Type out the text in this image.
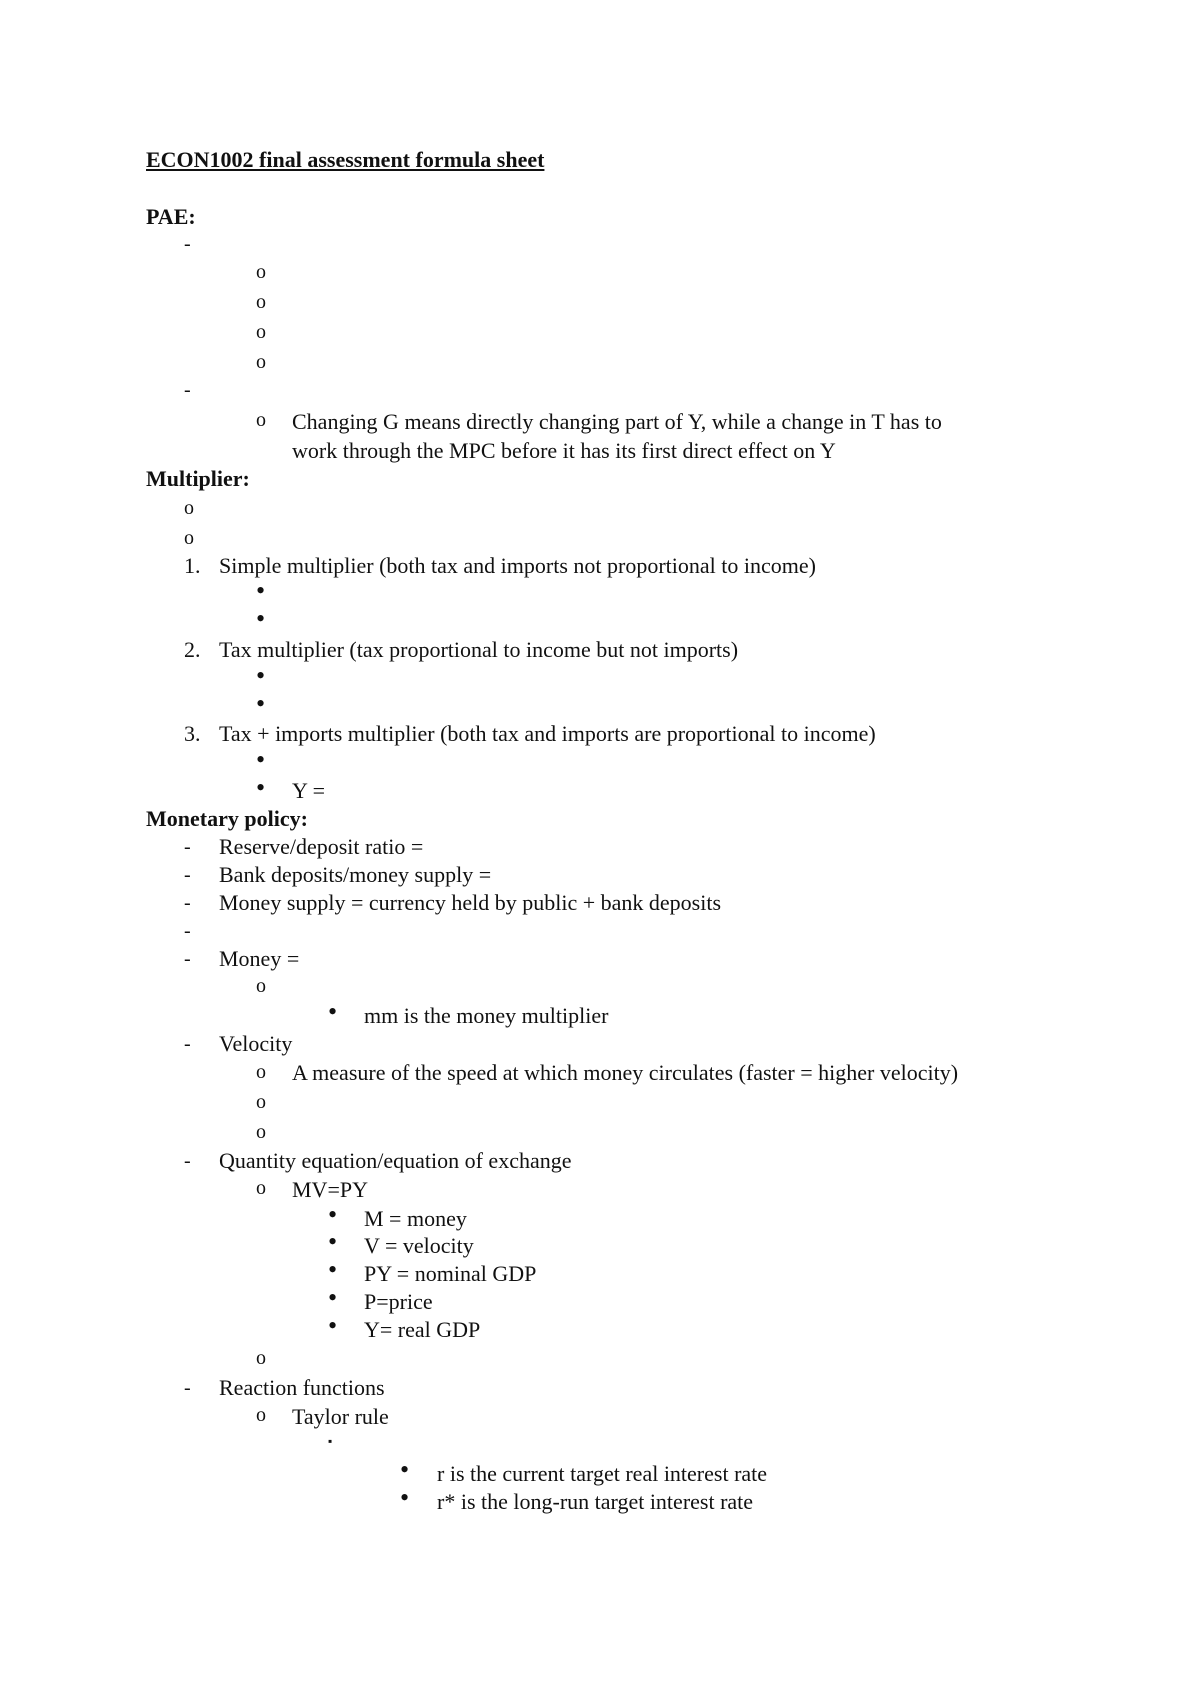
ECON1002 final assessment formula sheet
PAE:
-
o
o
o
o
-
o Changing G means directly changing part of Y, while a change in T has to
work through the MPC before it has its first direct effect on Y
Multiplier:
o
o
1. Simple multiplier (both tax and imports not proportional to income)
•
•
2. Tax multiplier (tax proportional to income but not imports)
•
•
3. Tax + imports multiplier (both tax and imports are proportional to income)
•
• Y =
Monetary policy:
- Reserve/deposit ratio =
- Bank deposits/money supply =
- Money supply = currency held by public + bank deposits
-
- Money =
o
• mm is the money multiplier
- Velocity
o A measure of the speed at which money circulates (faster = higher velocity)
o
o
- Quantity equation/equation of exchange
o MV=PY
• M = money
• V = velocity
• PY = nominal GDP
• P=price
• Y= real GDP
o
- Reaction functions
o Taylor rule
▪
• r is the current target real interest rate
• r* is the long-run target interest rate
